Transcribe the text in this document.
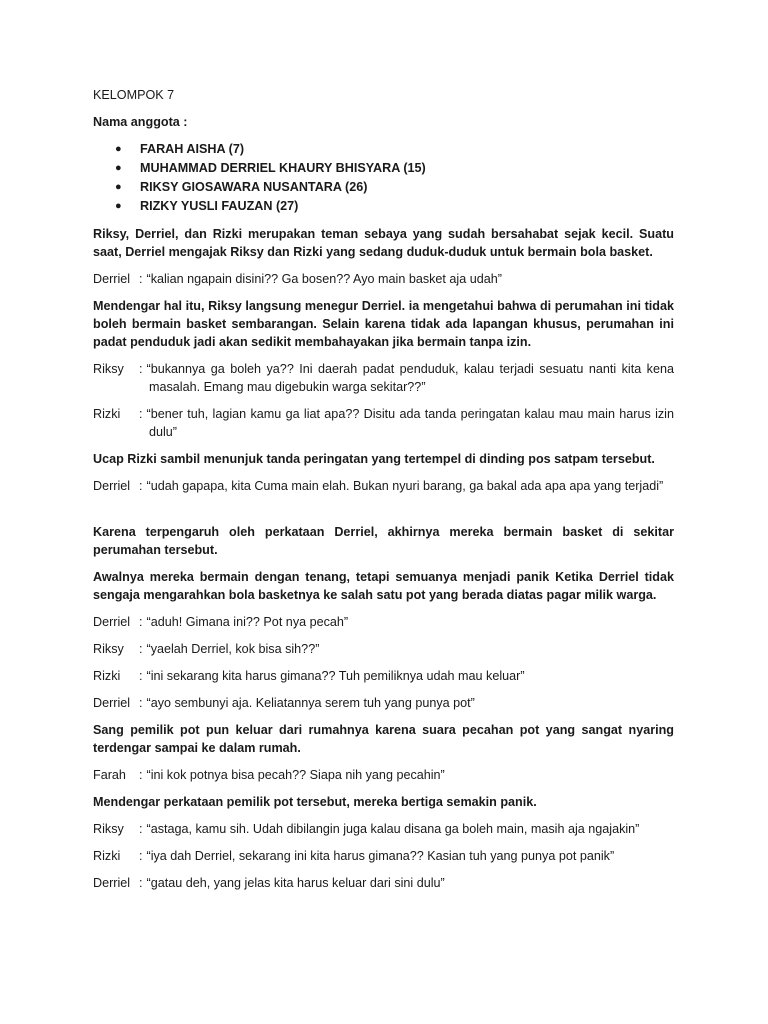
KELOMPOK 7

Nama anggota :

● FARAH AISHA (7)
● MUHAMMAD DERRIEL KHAURY BHISYARA (15)
● RIKSY GIOSAWARA NUSANTARA (26)
● RIZKY YUSLI FAUZAN (27)

Riksy, Derriel, dan Rizki merupakan teman sebaya yang sudah bersahabat sejak kecil. Suatu saat, Derriel mengajak Riksy dan Rizki yang sedang duduk-duduk untuk bermain bola basket.

Derriel : “kalian ngapain disini?? Ga bosen?? Ayo main basket aja udah”

Mendengar hal itu, Riksy langsung menegur Derriel. ia mengetahui bahwa di perumahan ini tidak boleh bermain basket sembarangan. Selain karena tidak ada lapangan khusus, perumahan ini padat penduduk jadi akan sedikit membahayakan jika bermain tanpa izin.

Riksy	: “bukannya ga boleh ya?? Ini daerah padat penduduk, kalau terjadi sesuatu nanti kita kena masalah. Emang mau digebukin warga sekitar??”
Rizki	: “bener tuh, lagian kamu ga liat apa?? Disitu ada tanda peringatan kalau mau main harus izin dulu”

Ucap Rizki sambil menunjuk tanda peringatan yang tertempel di dinding pos satpam tersebut.

Derriel : “udah gapapa, kita Cuma main elah. Bukan nyuri barang, ga bakal ada apa apa yang terjadi”

Karena terpengaruh oleh perkataan Derriel, akhirnya mereka bermain basket di sekitar perumahan tersebut.

Awalnya mereka bermain dengan tenang, tetapi semuanya menjadi panik Ketika Derriel tidak sengaja mengarahkan bola basketnya ke salah satu pot yang berada diatas pagar milik warga.

Derriel : “aduh! Gimana ini?? Pot nya pecah”
Riksy	: “yaelah Derriel, kok bisa sih??”
Rizki	: “ini sekarang kita harus gimana?? Tuh pemiliknya udah mau keluar”
Derriel : “ayo sembunyi aja. Keliatannya serem tuh yang punya pot”

Sang pemilik pot pun keluar dari rumahnya karena suara pecahan pot yang sangat nyaring terdengar sampai ke dalam rumah.

Farah	: “ini kok potnya bisa pecah?? Siapa nih yang pecahin”

Mendengar perkataan pemilik pot tersebut, mereka bertiga semakin panik.

Riksy	: “astaga, kamu sih. Udah dibilangin juga kalau disana ga boleh main, masih aja ngajakin”
Rizki	: “iya dah Derriel, sekarang ini kita harus gimana?? Kasian tuh yang punya pot panik”
Derriel : “gatau deh, yang jelas kita harus keluar dari sini dulu”
